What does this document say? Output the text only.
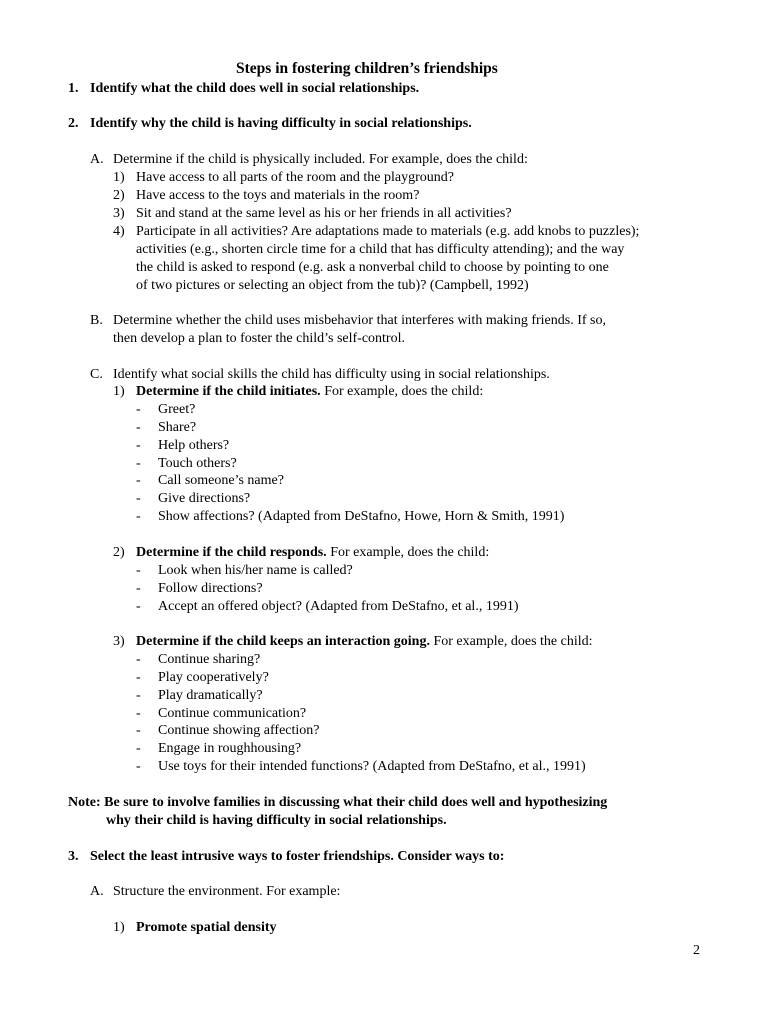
Steps in fostering children’s friendships
1. Identify what the child does well in social relationships.
2. Identify why the child is having difficulty in social relationships.
A. Determine if the child is physically included. For example, does the child:
1) Have access to all parts of the room and the playground?
2) Have access to the toys and materials in the room?
3) Sit and stand at the same level as his or her friends in all activities?
4) Participate in all activities? Are adaptations made to materials (e.g. add knobs to puzzles);
activities (e.g., shorten circle time for a child that has difficulty attending); and the way
the child is asked to respond (e.g. ask a nonverbal child to choose by pointing to one
of two pictures or selecting an object from the tub)? (Campbell, 1992)
B. Determine whether the child uses misbehavior that interferes with making friends. If so,
then develop a plan to foster the child’s self-control.
C. Identify what social skills the child has difficulty using in social relationships.
1) Determine if the child initiates. For example, does the child:
- Greet?
- Share?
- Help others?
- Touch others?
- Call someone’s name?
- Give directions?
- Show affections? (Adapted from DeStafno, Howe, Horn & Smith, 1991)
2) Determine if the child responds. For example, does the child:
- Look when his/her name is called?
- Follow directions?
- Accept an offered object? (Adapted from DeStafno, et al., 1991)
3) Determine if the child keeps an interaction going. For example, does the child:
- Continue sharing?
- Play cooperatively?
- Play dramatically?
- Continue communication?
- Continue showing affection?
- Engage in roughhousing?
- Use toys for their intended functions? (Adapted from DeStafno, et al., 1991)
Note: Be sure to involve families in discussing what their child does well and hypothesizing
why their child is having difficulty in social relationships.
3. Select the least intrusive ways to foster friendships. Consider ways to:
A. Structure the environment. For example:
1) Promote spatial density
2
